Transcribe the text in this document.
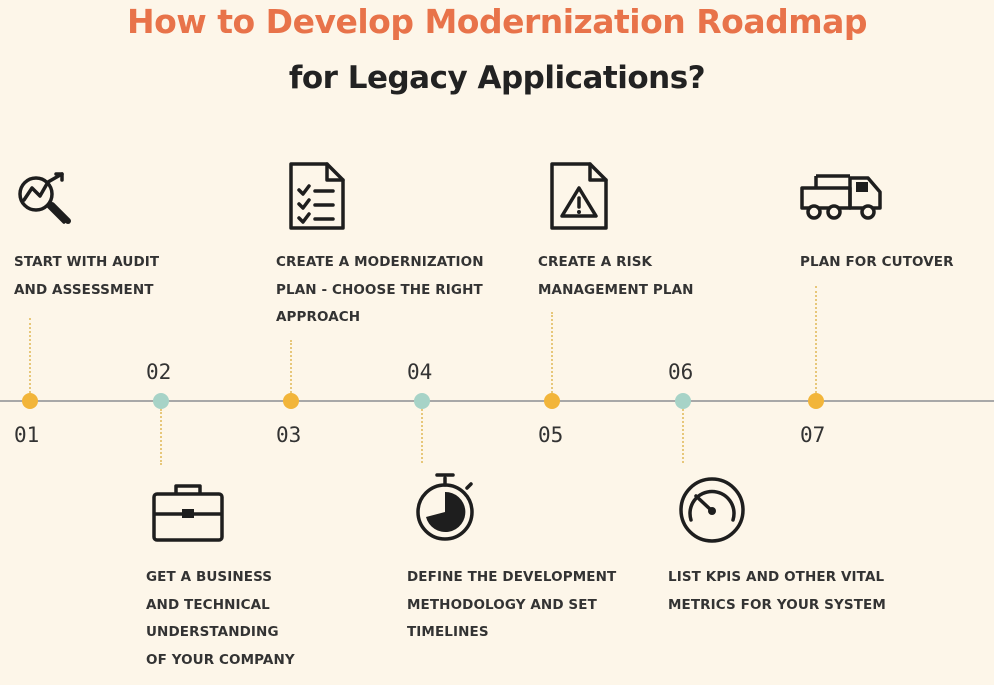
How to Develop Modernization Roadmap
for Legacy Applications?
01
02
03
04
05
06
07
START WITH AUDIT
AND ASSESSMENT
CREATE A MODERNIZATION
PLAN - CHOOSE THE RIGHT
APPROACH
CREATE A RISK
MANAGEMENT PLAN
PLAN FOR CUTOVER
GET A BUSINESS
AND TECHNICAL
UNDERSTANDING
OF YOUR COMPANY
DEFINE THE DEVELOPMENT
METHODOLOGY AND SET
TIMELINES
LIST KPIS AND OTHER VITAL
METRICS FOR YOUR SYSTEM
